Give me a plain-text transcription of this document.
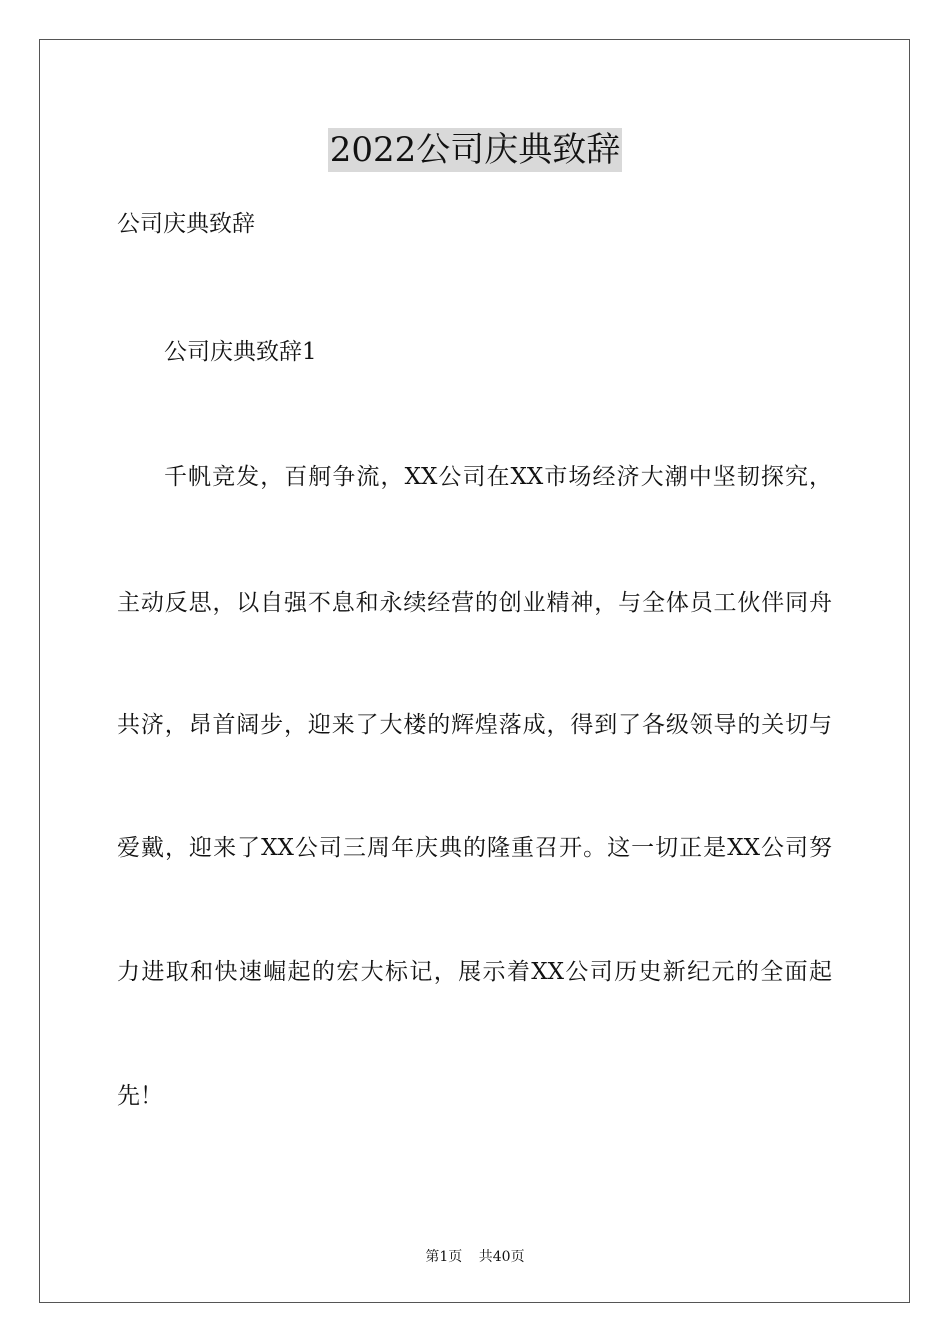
2022公司庆典致辞

公司庆典致辞

公司庆典致辞1

千帆竞发，百舸争流，XX公司在XX市场经济大潮中坚韧探究，

主动反思，以自强不息和永续经营的创业精神，与全体员工伙伴同舟

共济，昂首阔步，迎来了大楼的辉煌落成，得到了各级领导的关切与

爱戴，迎来了XX公司三周年庆典的隆重召开。这一切正是XX公司努

力进取和快速崛起的宏大标记，展示着XX公司历史新纪元的全面起

先！

第1页 共40页
